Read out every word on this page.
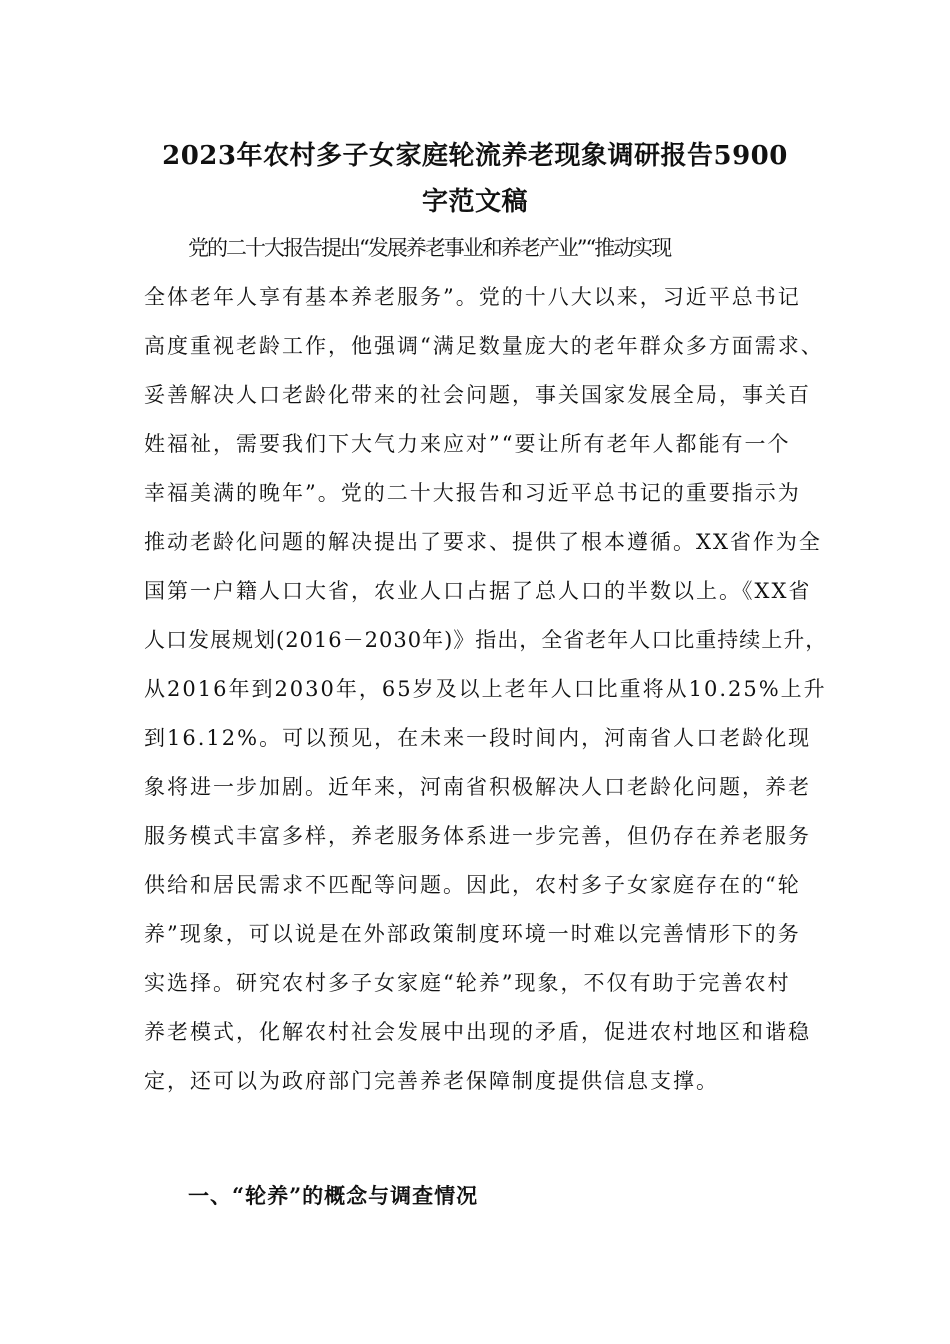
2023年农村多子女家庭轮流养老现象调研报告5900
字范文稿
党的二十大报告提出“发展养老事业和养老产业”“推动实现
全体老年人享有基本养老服务”。党的十八大以来，习近平总书记
高度重视老龄工作，他强调“满足数量庞大的老年群众多方面需求、
妥善解决人口老龄化带来的社会问题，事关国家发展全局，事关百
姓福祉，需要我们下大气力来应对”“要让所有老年人都能有一个
幸福美满的晚年”。党的二十大报告和习近平总书记的重要指示为
推动老龄化问题的解决提出了要求、提供了根本遵循。XX省作为全
国第一户籍人口大省，农业人口占据了总人口的半数以上。《XX省
人口发展规划(2016－2030年)》指出，全省老年人口比重持续上升，
从2016年到2030年，65岁及以上老年人口比重将从10.25%上升
到16.12%。可以预见，在未来一段时间内，河南省人口老龄化现
象将进一步加剧。近年来，河南省积极解决人口老龄化问题，养老
服务模式丰富多样，养老服务体系进一步完善，但仍存在养老服务
供给和居民需求不匹配等问题。因此，农村多子女家庭存在的“轮
养”现象，可以说是在外部政策制度环境一时难以完善情形下的务
实选择。研究农村多子女家庭“轮养”现象，不仅有助于完善农村
养老模式，化解农村社会发展中出现的矛盾，促进农村地区和谐稳
定，还可以为政府部门完善养老保障制度提供信息支撑。
一、“轮养”的概念与调查情况
